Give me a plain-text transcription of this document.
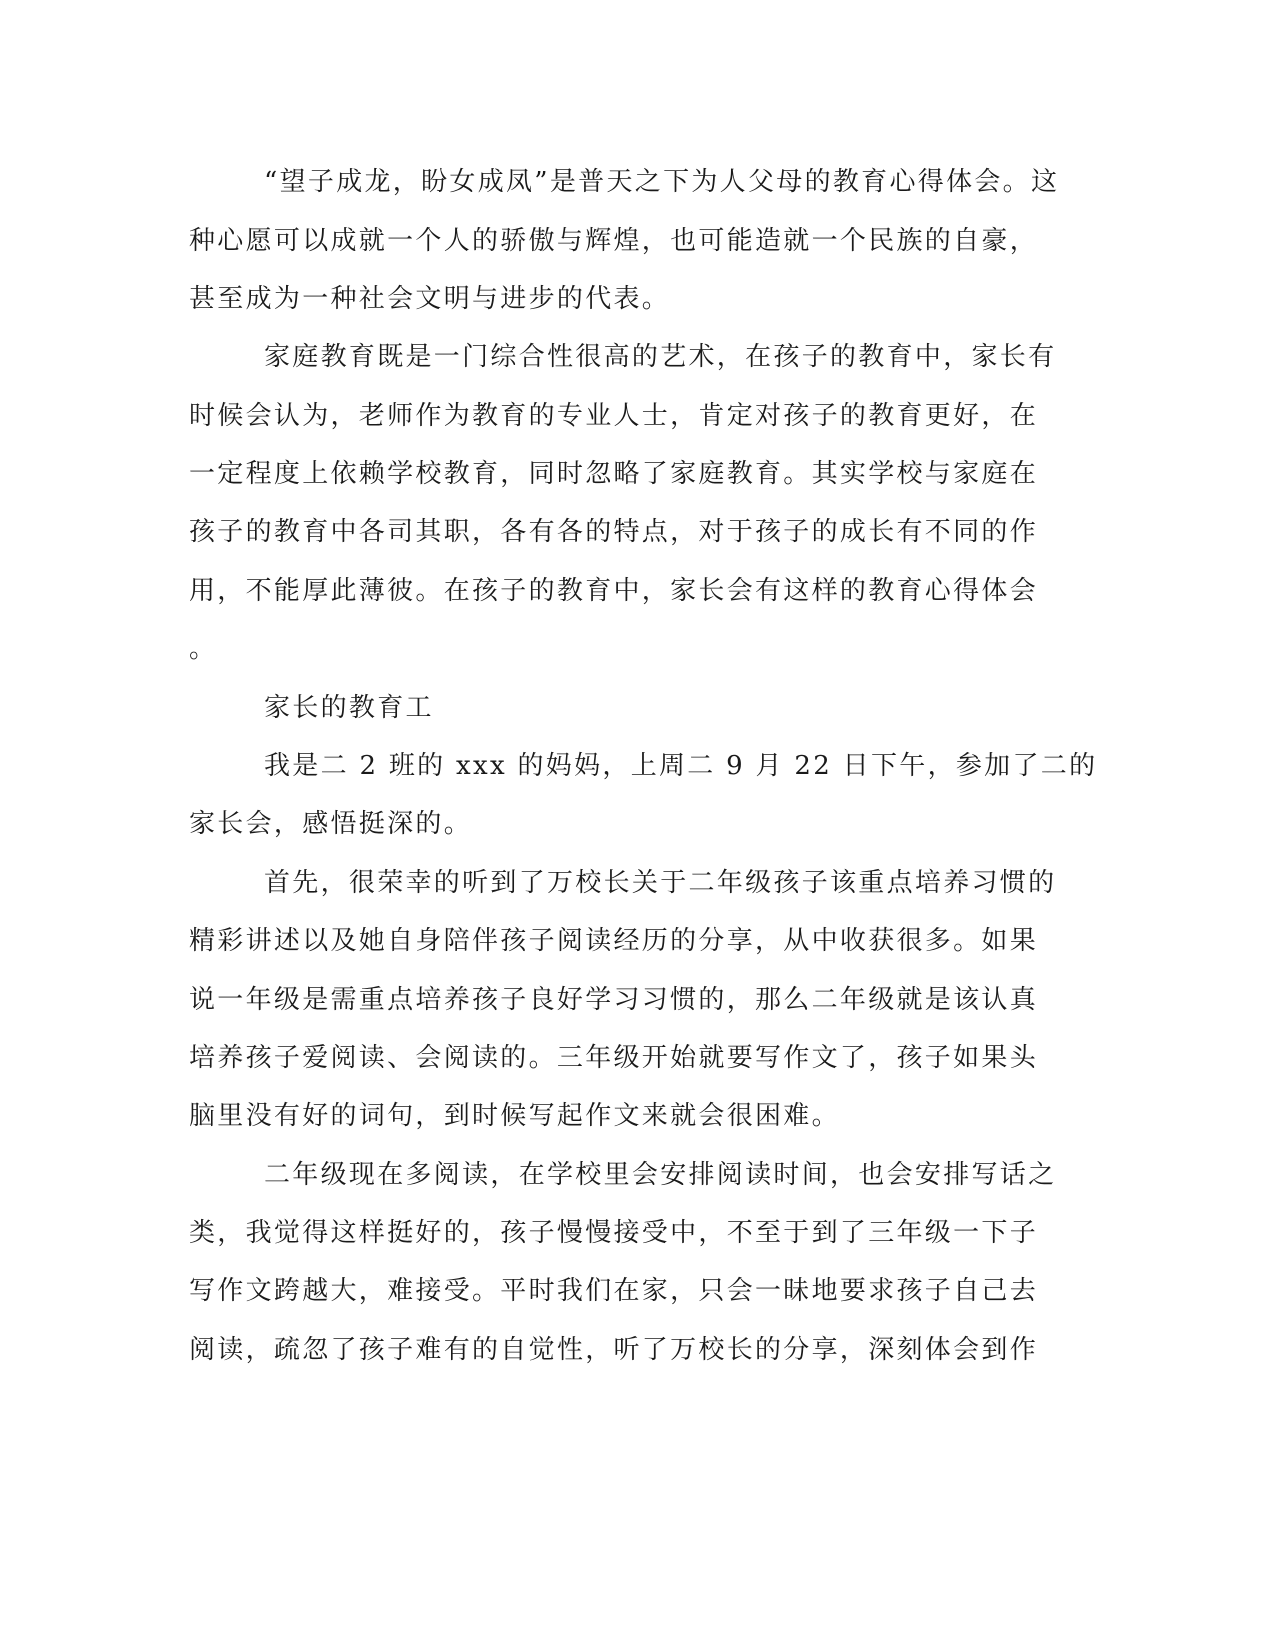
“望子成龙，盼女成凤”是普天之下为人父母的教育心得体会。这
种心愿可以成就一个人的骄傲与辉煌，也可能造就一个民族的自豪，
甚至成为一种社会文明与进步的代表。
家庭教育既是一门综合性很高的艺术，在孩子的教育中，家长有
时候会认为，老师作为教育的专业人士，肯定对孩子的教育更好，在
一定程度上依赖学校教育，同时忽略了家庭教育。其实学校与家庭在
孩子的教育中各司其职，各有各的特点，对于孩子的成长有不同的作
用，不能厚此薄彼。在孩子的教育中，家长会有这样的教育心得体会
。
家长的教育工
我是二 2 班的 xxx 的妈妈，上周二 9 月 22 日下午，参加了二的
家长会，感悟挺深的。
首先，很荣幸的听到了万校长关于二年级孩子该重点培养习惯的
精彩讲述以及她自身陪伴孩子阅读经历的分享，从中收获很多。如果
说一年级是需重点培养孩子良好学习习惯的，那么二年级就是该认真
培养孩子爱阅读、会阅读的。三年级开始就要写作文了，孩子如果头
脑里没有好的词句，到时候写起作文来就会很困难。
二年级现在多阅读，在学校里会安排阅读时间，也会安排写话之
类，我觉得这样挺好的，孩子慢慢接受中，不至于到了三年级一下子
写作文跨越大，难接受。平时我们在家，只会一昧地要求孩子自己去
阅读，疏忽了孩子难有的自觉性，听了万校长的分享，深刻体会到作
